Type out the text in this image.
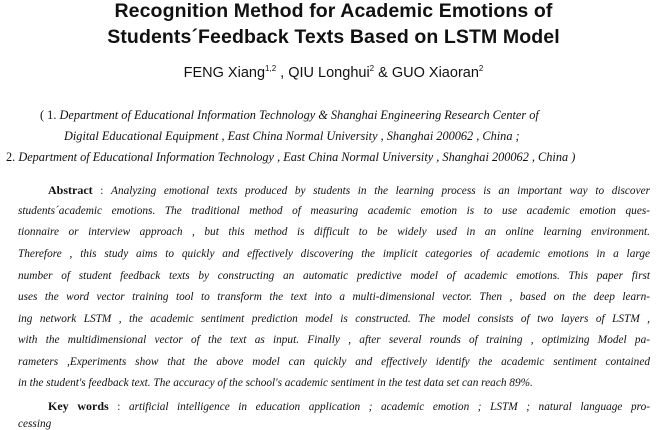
Recognition Method for Academic Emotions of
Students´Feedback Texts Based on LSTM Model
FENG Xiang$^{1,2}$ , QIU Longhui$^2$ & GUO Xiaoran$^2$
( 1. Department of Educational Information Technology & Shanghai Engineering Research Center of
Digital Educational Equipment , East China Normal University , Shanghai 200062 , China ;
2. Department of Educational Information Technology , East China Normal University , Shanghai 200062 , China )
Abstract : Analyzing emotional texts produced by students in the learning process is an important way to discover
students´academic emotions. The traditional method of measuring academic emotion is to use academic emotion ques-
tionnaire or interview approach , but this method is difficult to be widely used in an online learning environment.
Therefore , this study aims to quickly and effectively discovering the implicit categories of academic emotions in a large
number of student feedback texts by constructing an automatic predictive model of academic emotions. This paper first
uses the word vector training tool to transform the text into a multi-dimensional vector. Then , based on the deep learn-
ing network LSTM , the academic sentiment prediction model is constructed. The model consists of two layers of LSTM ,
with the multidimensional vector of the text as input. Finally , after several rounds of training , optimizing Model pa-
rameters ,Experiments show that the above model can quickly and effectively identify the academic sentiment contained
in the student's feedback text. The accuracy of the school's academic sentiment in the test data set can reach 89%.
Key words : artificial intelligence in education application ; academic emotion ; LSTM ; natural language pro-
cessing
